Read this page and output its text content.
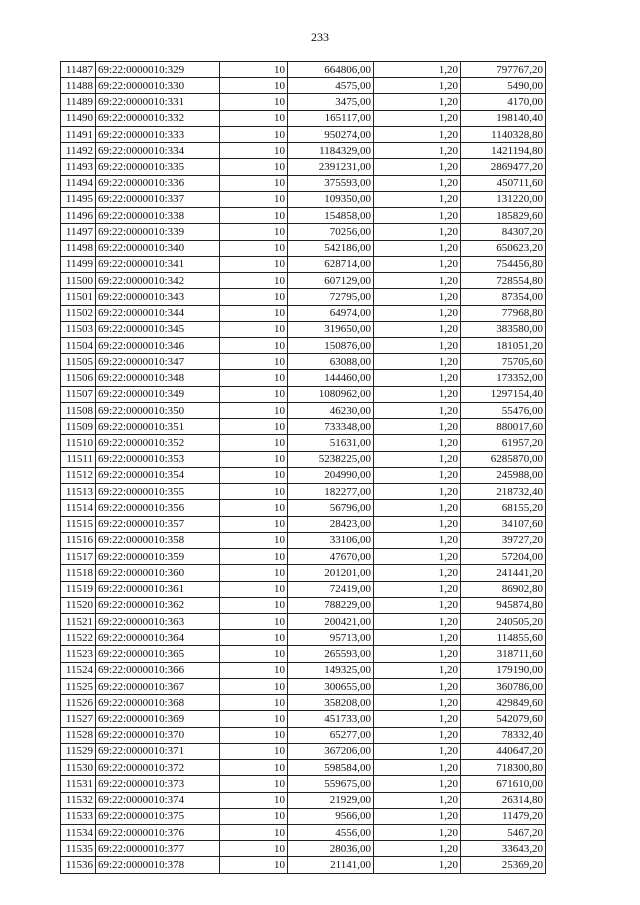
233
11487	69:22:0000010:329	10	664806,00	1,20	797767,20
11488	69:22:0000010:330	10	4575,00	1,20	5490,00
11489	69:22:0000010:331	10	3475,00	1,20	4170,00
11490	69:22:0000010:332	10	165117,00	1,20	198140,40
11491	69:22:0000010:333	10	950274,00	1,20	1140328,80
11492	69:22:0000010:334	10	1184329,00	1,20	1421194,80
11493	69:22:0000010:335	10	2391231,00	1,20	2869477,20
11494	69:22:0000010:336	10	375593,00	1,20	450711,60
11495	69:22:0000010:337	10	109350,00	1,20	131220,00
11496	69:22:0000010:338	10	154858,00	1,20	185829,60
11497	69:22:0000010:339	10	70256,00	1,20	84307,20
11498	69:22:0000010:340	10	542186,00	1,20	650623,20
11499	69:22:0000010:341	10	628714,00	1,20	754456,80
11500	69:22:0000010:342	10	607129,00	1,20	728554,80
11501	69:22:0000010:343	10	72795,00	1,20	87354,00
11502	69:22:0000010:344	10	64974,00	1,20	77968,80
11503	69:22:0000010:345	10	319650,00	1,20	383580,00
11504	69:22:0000010:346	10	150876,00	1,20	181051,20
11505	69:22:0000010:347	10	63088,00	1,20	75705,60
11506	69:22:0000010:348	10	144460,00	1,20	173352,00
11507	69:22:0000010:349	10	1080962,00	1,20	1297154,40
11508	69:22:0000010:350	10	46230,00	1,20	55476,00
11509	69:22:0000010:351	10	733348,00	1,20	880017,60
11510	69:22:0000010:352	10	51631,00	1,20	61957,20
11511	69:22:0000010:353	10	5238225,00	1,20	6285870,00
11512	69:22:0000010:354	10	204990,00	1,20	245988,00
11513	69:22:0000010:355	10	182277,00	1,20	218732,40
11514	69:22:0000010:356	10	56796,00	1,20	68155,20
11515	69:22:0000010:357	10	28423,00	1,20	34107,60
11516	69:22:0000010:358	10	33106,00	1,20	39727,20
11517	69:22:0000010:359	10	47670,00	1,20	57204,00
11518	69:22:0000010:360	10	201201,00	1,20	241441,20
11519	69:22:0000010:361	10	72419,00	1,20	86902,80
11520	69:22:0000010:362	10	788229,00	1,20	945874,80
11521	69:22:0000010:363	10	200421,00	1,20	240505,20
11522	69:22:0000010:364	10	95713,00	1,20	114855,60
11523	69:22:0000010:365	10	265593,00	1,20	318711,60
11524	69:22:0000010:366	10	149325,00	1,20	179190,00
11525	69:22:0000010:367	10	300655,00	1,20	360786,00
11526	69:22:0000010:368	10	358208,00	1,20	429849,60
11527	69:22:0000010:369	10	451733,00	1,20	542079,60
11528	69:22:0000010:370	10	65277,00	1,20	78332,40
11529	69:22:0000010:371	10	367206,00	1,20	440647,20
11530	69:22:0000010:372	10	598584,00	1,20	718300,80
11531	69:22:0000010:373	10	559675,00	1,20	671610,00
11532	69:22:0000010:374	10	21929,00	1,20	26314,80
11533	69:22:0000010:375	10	9566,00	1,20	11479,20
11534	69:22:0000010:376	10	4556,00	1,20	5467,20
11535	69:22:0000010:377	10	28036,00	1,20	33643,20
11536	69:22:0000010:378	10	21141,00	1,20	25369,20
